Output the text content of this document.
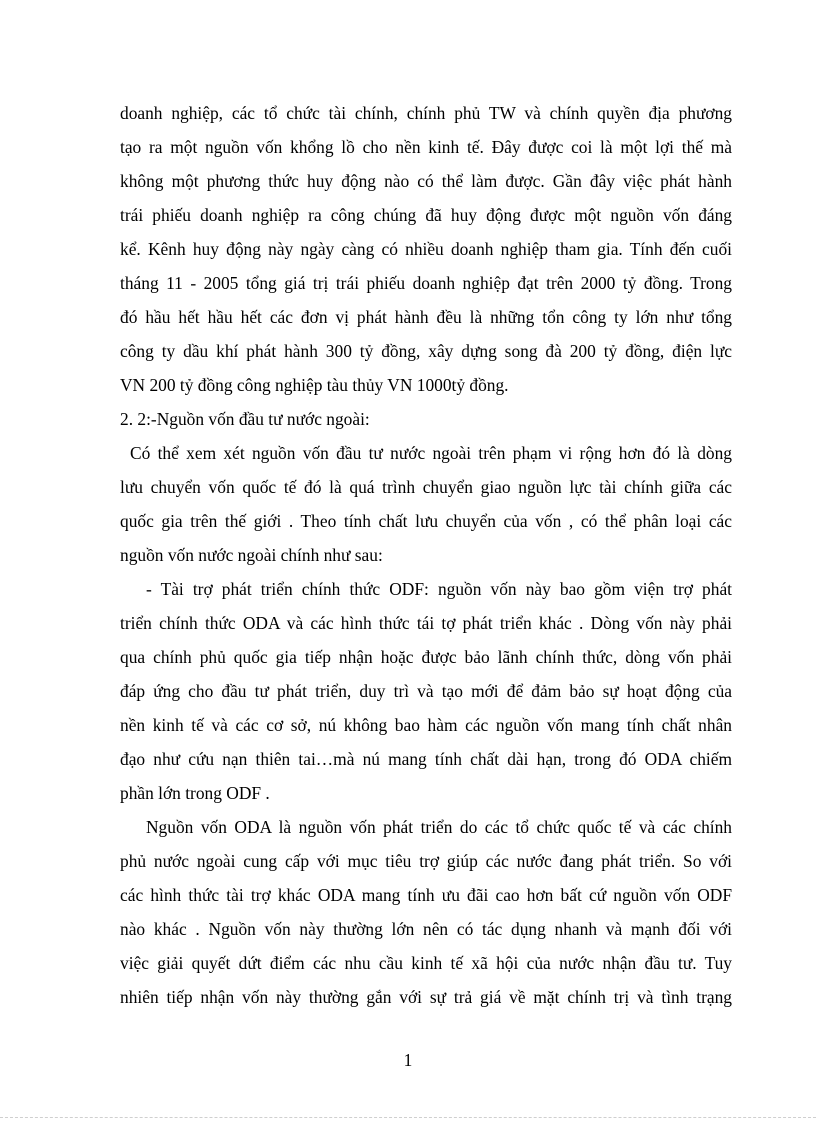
doanh nghiệp, các tổ chức tài chính, chính phủ TW và chính quyền địa phương
tạo ra một nguồn vốn khổng lồ cho nền kinh tế. Đây được coi là một lợi thế mà
không một phương thức huy động nào có thể làm được. Gần đây việc phát hành
trái phiếu doanh nghiệp ra công chúng đã huy động được một nguồn vốn đáng
kể. Kênh huy động này ngày càng có nhiều doanh nghiệp tham gia. Tính đến cuối
tháng 11 - 2005 tổng giá trị trái phiếu doanh nghiệp đạt trên 2000 tỷ đồng. Trong
đó hầu hết hầu hết các đơn vị phát hành đều là những tổn công ty lớn như tổng
công ty dầu khí phát hành 300 tỷ đồng, xây dựng song đà 200 tỷ đồng, điện lực
VN 200 tỷ đồng công nghiệp tàu thủy VN 1000tỷ đồng.
2. 2:-Nguồn vốn đầu tư nước ngoài:
Có thể xem xét nguồn vốn đầu tư nước ngoài trên phạm vi rộng hơn đó là dòng
lưu chuyển vốn quốc tế đó là quá trình chuyển giao nguồn lực tài chính giữa các
quốc gia trên thế giới . Theo tính chất lưu chuyển của vốn , có thể phân loại các
nguồn vốn nước ngoài chính như sau:
- Tài trợ phát triển chính thức ODF: nguồn vốn này bao gồm viện trợ phát
triển chính thức ODA và các hình thức tái tợ phát triển khác . Dòng vốn này phải
qua chính phủ quốc gia tiếp nhận hoặc được bảo lãnh chính thức, dòng vốn phải
đáp ứng cho đầu tư phát triển, duy trì và tạo mới để đảm bảo sự hoạt động của
nền kinh tế và các cơ sở, nú không bao hàm các nguồn vốn mang tính chất nhân
đạo như cứu nạn thiên tai…mà nú mang tính chất dài hạn, trong đó ODA chiếm
phần lớn trong ODF .
Nguồn vốn ODA là nguồn vốn phát triển do các tổ chức quốc tế và các chính
phủ nước ngoài cung cấp với mục tiêu trợ giúp các nước đang phát triển. So với
các hình thức tài trợ khác ODA mang tính ưu đãi cao hơn bất cứ nguồn vốn ODF
nào khác . Nguồn vốn này thường lớn nên có tác dụng nhanh và mạnh đối với
việc giải quyết dứt điểm các nhu cầu kinh tế xã hội của nước nhận đầu tư. Tuy
nhiên tiếp nhận vốn này thường gắn với sự trả giá về mặt chính trị và tình trạng
1
